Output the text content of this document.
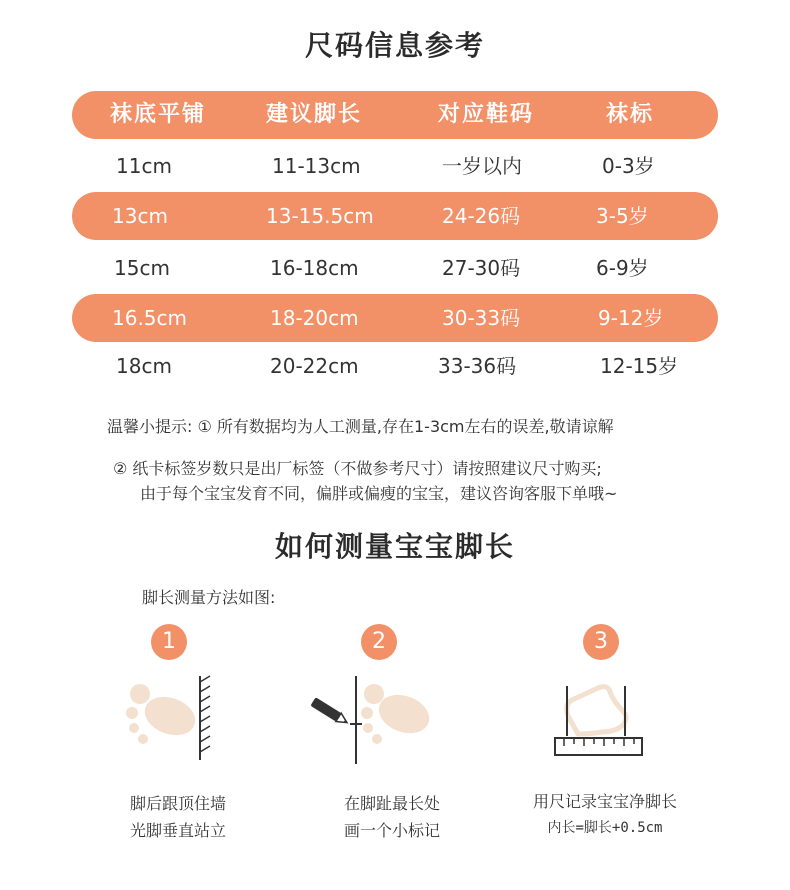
尺码信息参考
袜底平铺	建议脚长	对应鞋码	袜标
11cm	11-13cm	一岁以内	0-3岁
13cm	13-15.5cm	24-26码	3-5岁
15cm	16-18cm	27-30码	6-9岁
16.5cm	18-20cm	30-33码	9-12岁
18cm	20-22cm	33-36码	12-15岁
温馨小提示: ① 所有数据均为人工测量,存在1-3cm左右的误差,敬请谅解
② 纸卡标签岁数只是出厂标签（不做参考尺寸）请按照建议尺寸购买;
由于每个宝宝发育不同，偏胖或偏瘦的宝宝，建议咨询客服下单哦~
如何测量宝宝脚长
脚长测量方法如图:
1
脚后跟顶住墙
光脚垂直站立
2
在脚趾最长处
画一个小标记
3
用尺记录宝宝净脚长
内长=脚长+0.5cm
